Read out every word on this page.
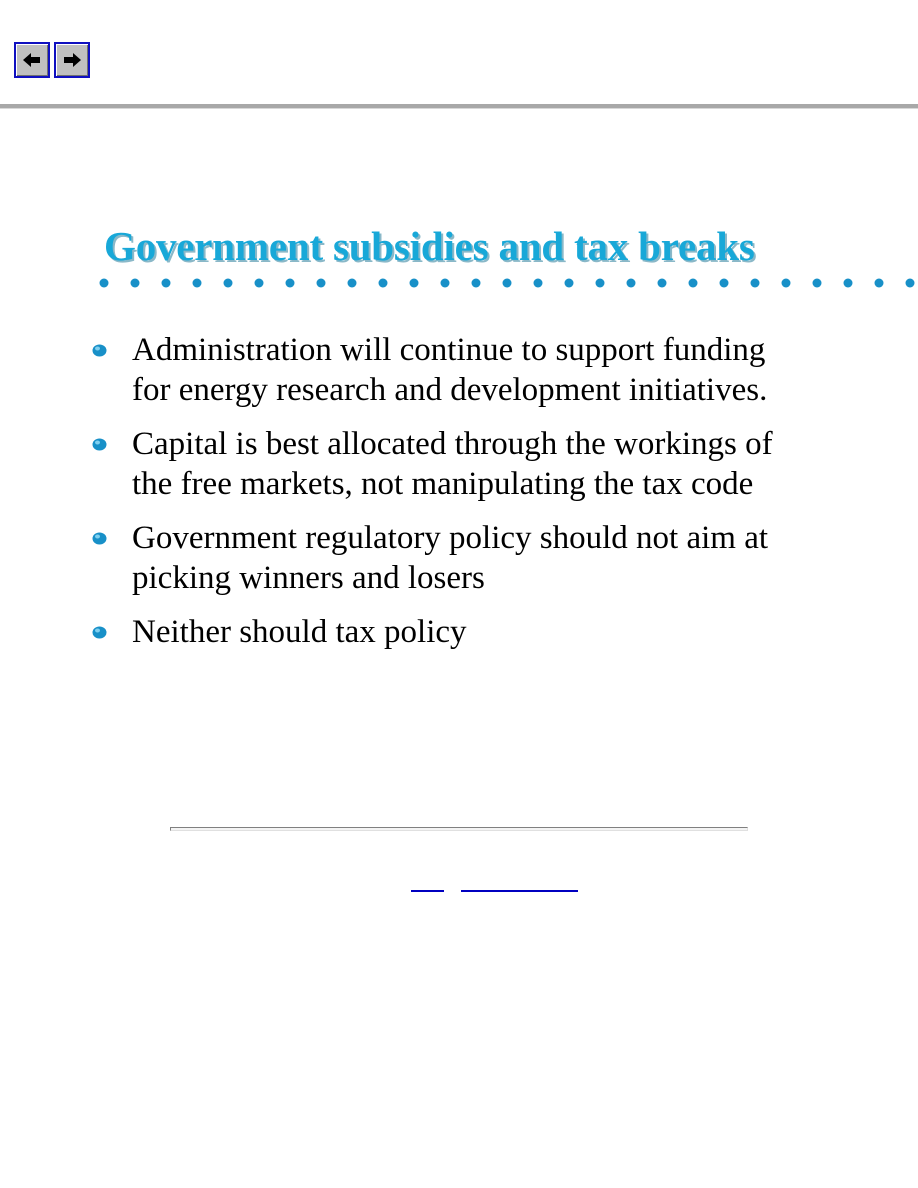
Government subsidies and tax breaks
Administration will continue to support funding
for energy research and development initiatives.
Capital is best allocated through the workings of
the free markets, not manipulating the tax code
Government regulatory policy should not aim at
picking winners and losers
Neither should tax policy
